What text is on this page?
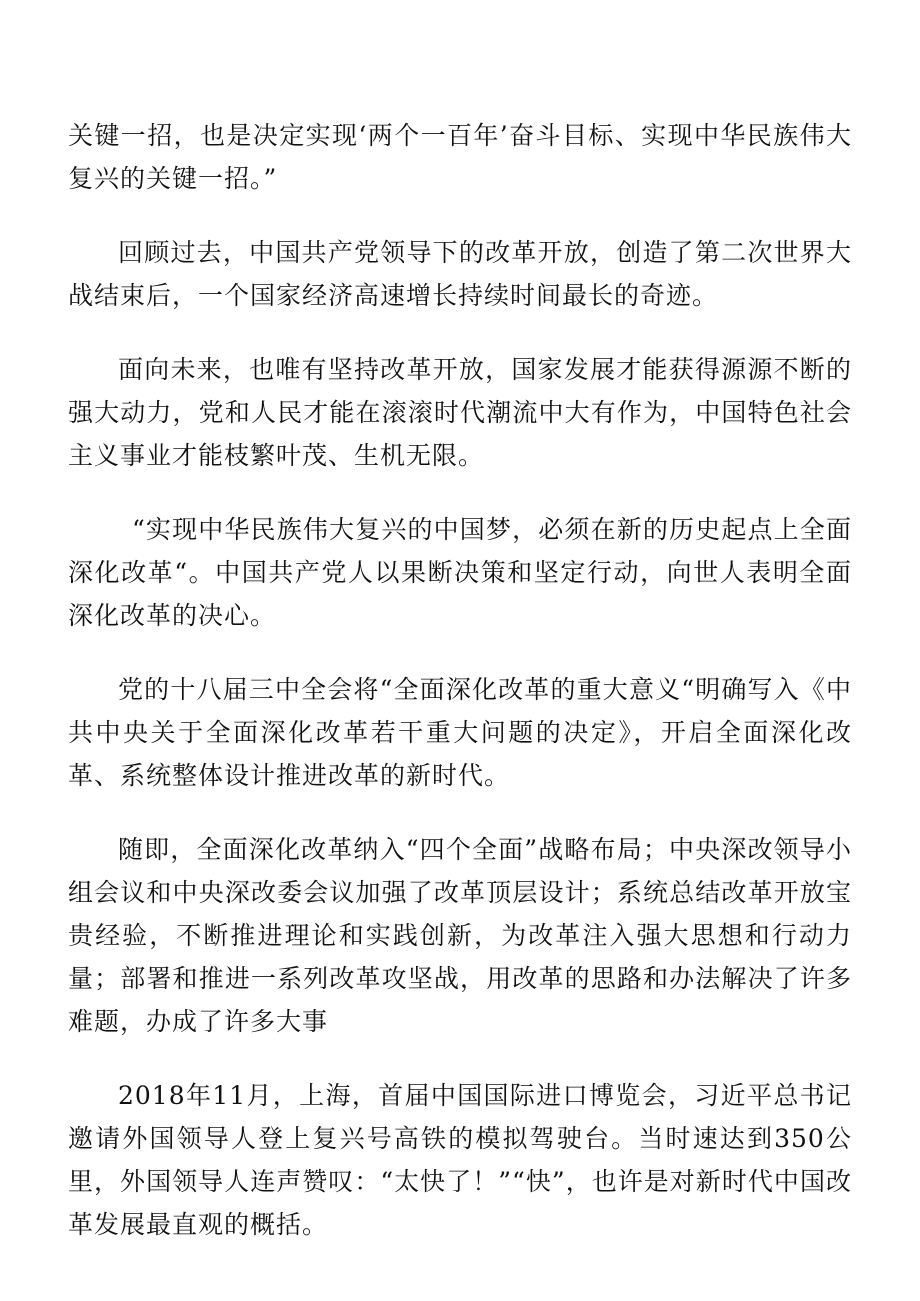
关键一招，也是决定实现‘两个一百年’奋斗目标、实现中华民族伟大复兴的关键一招。”

回顾过去，中国共产党领导下的改革开放，创造了第二次世界大战结束后，一个国家经济高速增长持续时间最长的奇迹。

面向未来，也唯有坚持改革开放，国家发展才能获得源源不断的强大动力，党和人民才能在滚滚时代潮流中大有作为，中国特色社会主义事业才能枝繁叶茂、生机无限。

“实现中华民族伟大复兴的中国梦，必须在新的历史起点上全面深化改革“。中国共产党人以果断决策和坚定行动，向世人表明全面深化改革的决心。

党的十八届三中全会将“全面深化改革的重大意义“明确写入《中共中央关于全面深化改革若干重大问题的决定》，开启全面深化改革、系统整体设计推进改革的新时代。

随即，全面深化改革纳入“四个全面”战略布局；中央深改领导小组会议和中央深改委会议加强了改革顶层设计；系统总结改革开放宝贵经验，不断推进理论和实践创新，为改革注入强大思想和行动力量；部署和推进一系列改革攻坚战，用改革的思路和办法解决了许多难题，办成了许多大事

2018年11月，上海，首届中国国际进口博览会，习近平总书记邀请外国领导人登上复兴号高铁的模拟驾驶台。当时速达到350公里，外国领导人连声赞叹：“太快了！”“快”，也许是对新时代中国改革发展最直观的概括。
